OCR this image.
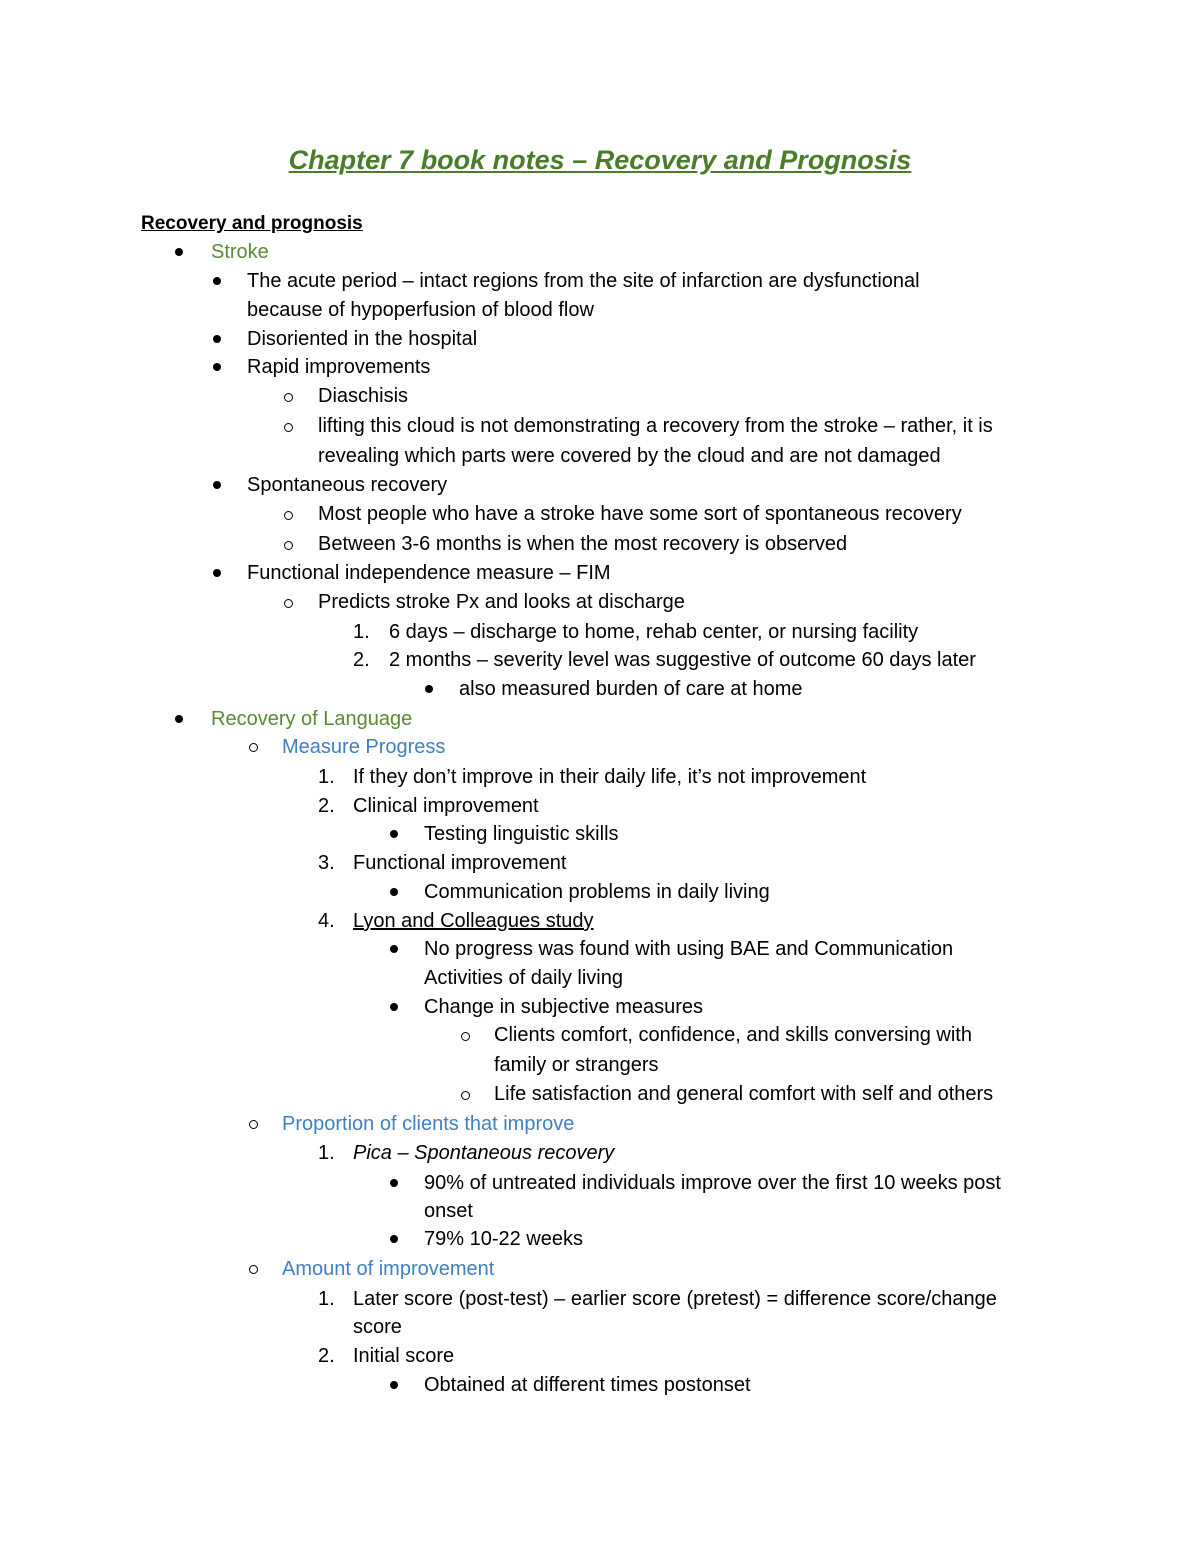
Chapter 7 book notes – Recovery and Prognosis
Recovery and prognosis
Stroke
The acute period – intact regions from the site of infarction are dysfunctional
because of hypoperfusion of blood flow
Disoriented in the hospital
Rapid improvements
Diaschisis
lifting this cloud is not demonstrating a recovery from the stroke – rather, it is
revealing which parts were covered by the cloud and are not damaged
Spontaneous recovery
Most people who have a stroke have some sort of spontaneous recovery
Between 3-6 months is when the most recovery is observed
Functional independence measure – FIM
Predicts stroke Px and looks at discharge
1. 6 days – discharge to home, rehab center, or nursing facility
2. 2 months – severity level was suggestive of outcome 60 days later
also measured burden of care at home
Recovery of Language
Measure Progress
1. If they don’t improve in their daily life, it’s not improvement
2. Clinical improvement
Testing linguistic skills
3. Functional improvement
Communication problems in daily living
4. Lyon and Colleagues study
No progress was found with using BAE and Communication
Activities of daily living
Change in subjective measures
Clients comfort, confidence, and skills conversing with
family or strangers
Life satisfaction and general comfort with self and others
Proportion of clients that improve
1. Pica – Spontaneous recovery
90% of untreated individuals improve over the first 10 weeks post
onset
79% 10-22 weeks
Amount of improvement
1. Later score (post-test) – earlier score (pretest) = difference score/change
score
2. Initial score
Obtained at different times postonset
